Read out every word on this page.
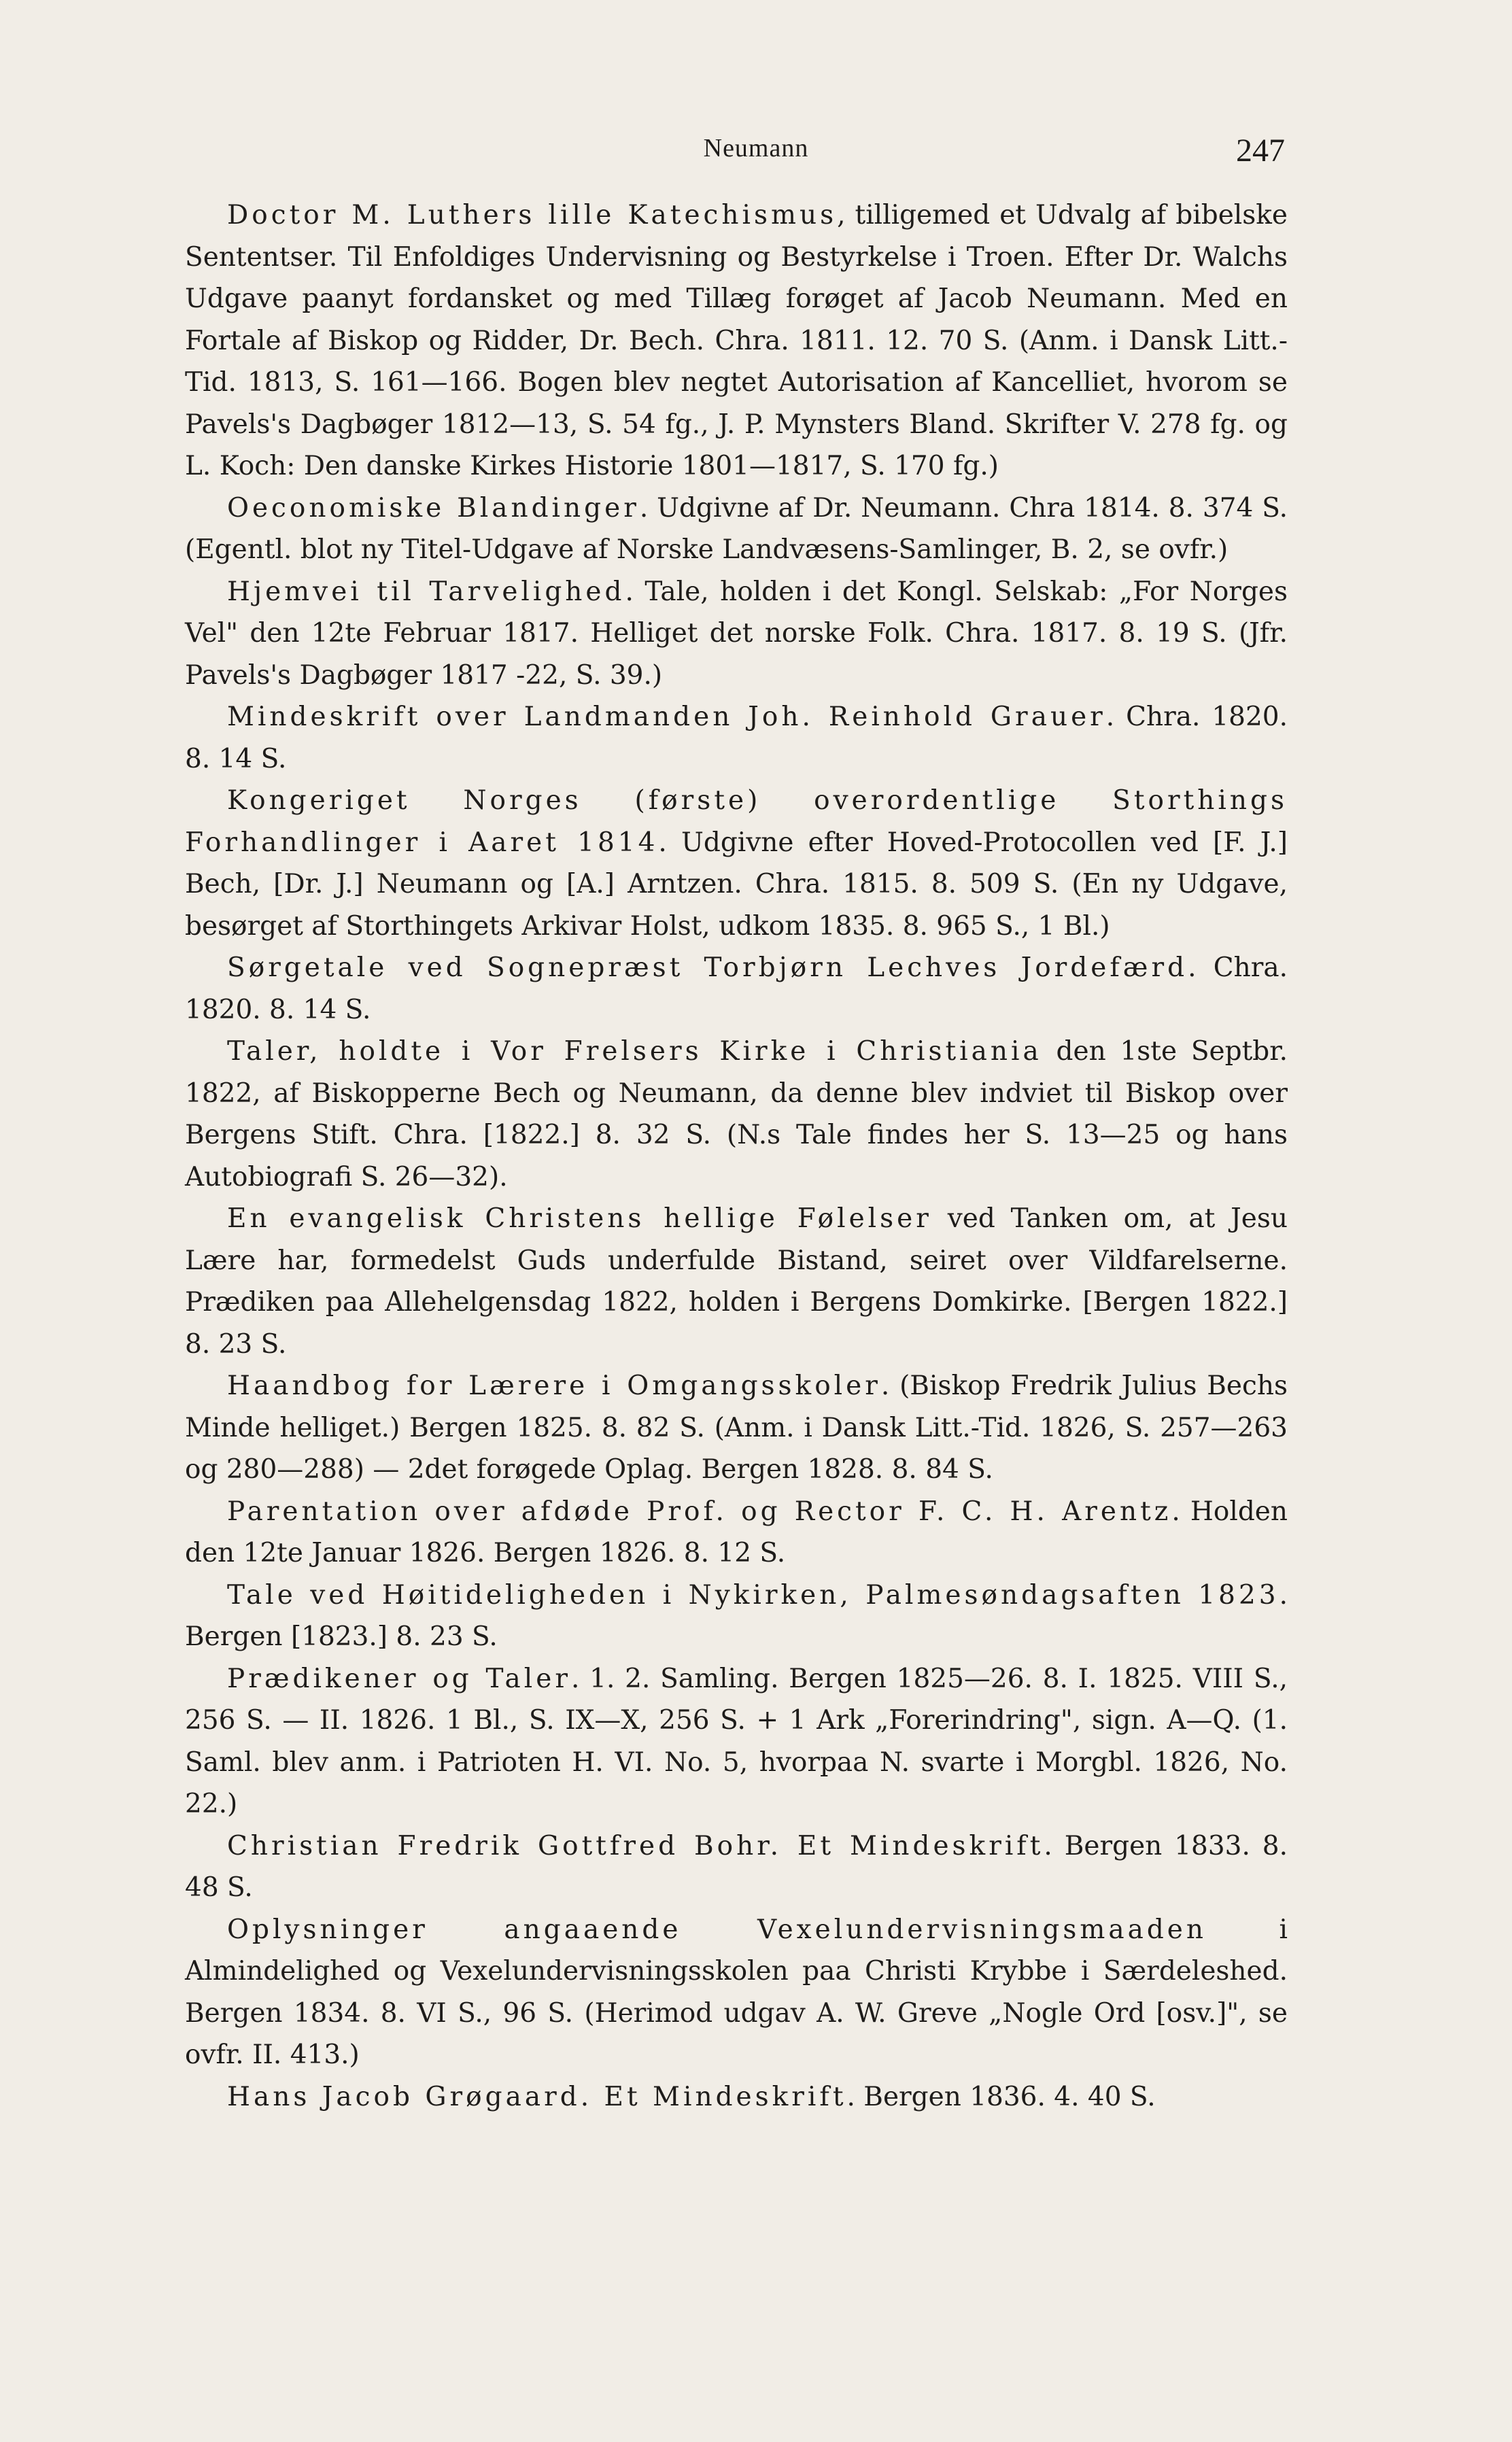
Neumann	247

Doctor M. Luthers lille Katechismus, tilligemed et Udvalg af bibelske Sententser. Til Enfoldiges Undervisning og Bestyrkelse i Troen. Efter Dr. Walchs Udgave paanyt fordansket og med Tillæg forøget af Jacob Neumann. Med en Fortale af Biskop og Ridder, Dr. Bech. Chra. 1811. 12. 70 S. (Anm. i Dansk Litt.-Tid. 1813, S. 161—166. Bogen blev negtet Autorisation af Kancelliet, hvorom se Pavels's Dagbøger 1812—13, S. 54 fg., J. P. Mynsters Bland. Skrifter V. 278 fg. og L. Koch: Den danske Kirkes Historie 1801—1817, S. 170 fg.)

Oeconomiske Blandinger. Udgivne af Dr. Neumann. Chra 1814. 8. 374 S. (Egentl. blot ny Titel-Udgave af Norske Landvæsens-Samlinger, B. 2, se ovfr.)

Hjemvei til Tarvelighed. Tale, holden i det Kongl. Selskab: „For Norges Vel" den 12te Februar 1817. Helliget det norske Folk. Chra. 1817. 8. 19 S. (Jfr. Pavels's Dagbøger 1817 -22, S. 39.)

Mindeskrift over Landmanden Joh. Reinhold Grauer. Chra. 1820. 8. 14 S.

Kongeriget Norges (første) overordentlige Storthings Forhandlinger i Aaret 1814. Udgivne efter Hoved-Protocollen ved [F. J.] Bech, [Dr. J.] Neumann og [A.] Arntzen. Chra. 1815. 8. 509 S. (En ny Udgave, besørget af Storthingets Arkivar Holst, udkom 1835. 8. 965 S., 1 Bl.)

Sørgetale ved Sognepræst Torbjørn Lechves Jordefærd. Chra. 1820. 8. 14 S.

Taler, holdte i Vor Frelsers Kirke i Christiania den 1ste Septbr. 1822, af Biskopperne Bech og Neumann, da denne blev indviet til Biskop over Bergens Stift. Chra. [1822.] 8. 32 S. (N.s Tale findes her S. 13—25 og hans Autobiografi S. 26—32).

En evangelisk Christens hellige Følelser ved Tanken om, at Jesu Lære har, formedelst Guds underfulde Bistand, seiret over Vildfarelserne. Prædiken paa Allehelgensdag 1822, holden i Bergens Domkirke. [Bergen 1822.] 8. 23 S.

Haandbog for Lærere i Omgangsskoler. (Biskop Fredrik Julius Bechs Minde helliget.) Bergen 1825. 8. 82 S. (Anm. i Dansk Litt.-Tid. 1826, S. 257—263 og 280—288) — 2det forøgede Oplag. Bergen 1828. 8. 84 S.

Parentation over afdøde Prof. og Rector F. C. H. Arentz. Holden den 12te Januar 1826. Bergen 1826. 8. 12 S.

Tale ved Høitideligheden i Nykirken, Palmesøndagsaften 1823. Bergen [1823.] 8. 23 S.

Prædikener og Taler. 1. 2. Samling. Bergen 1825—26. 8. I. 1825. VIII S., 256 S. — II. 1826. 1 Bl., S. IX—X, 256 S. + 1 Ark „Forerindring", sign. A—Q. (1. Saml. blev anm. i Patrioten H. VI. No. 5, hvorpaa N. svarte i Morgbl. 1826, No. 22.)

Christian Fredrik Gottfred Bohr. Et Mindeskrift. Bergen 1833. 8. 48 S.

Oplysninger angaaende Vexelundervisningsmaaden i Almindelighed og Vexelundervisningsskolen paa Christi Krybbe i Særdeleshed. Bergen 1834. 8. VI S., 96 S. (Herimod udgav A. W. Greve „Nogle Ord [osv.]", se ovfr. II. 413.)

Hans Jacob Grøgaard. Et Mindeskrift. Bergen 1836. 4. 40 S.
